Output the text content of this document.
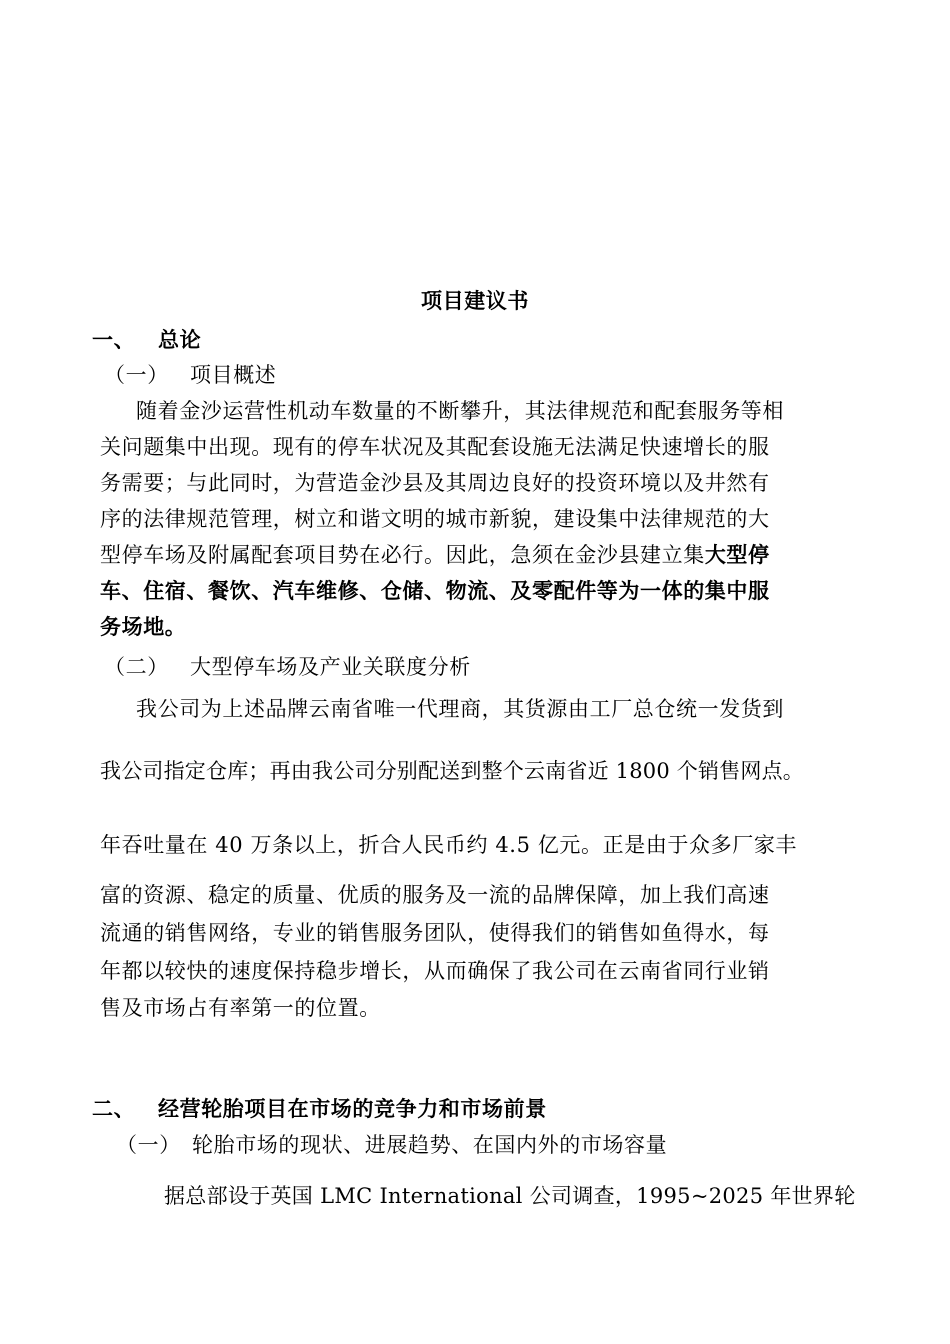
项目建议书
一、 总论
（一） 项目概述
随着金沙运营性机动车数量的不断攀升，其法律规范和配套服务等相
关问题集中出现。现有的停车状况及其配套设施无法满足快速增长的服
务需要；与此同时，为营造金沙县及其周边良好的投资环境以及井然有
序的法律规范管理，树立和谐文明的城市新貌，建设集中法律规范的大
型停车场及附属配套项目势在必行。因此，急须在金沙县建立集大型停
车、住宿、餐饮、汽车维修、仓储、物流、及零配件等为一体的集中服
务场地。
（二） 大型停车场及产业关联度分析
我公司为上述品牌云南省唯一代理商，其货源由工厂总仓统一发货到
我公司指定仓库；再由我公司分别配送到整个云南省近 1800 个销售网点。
年吞吐量在 40 万条以上，折合人民币约 4.5 亿元。正是由于众多厂家丰
富的资源、稳定的质量、优质的服务及一流的品牌保障，加上我们高速
流通的销售网络，专业的销售服务团队，使得我们的销售如鱼得水，每
年都以较快的速度保持稳步增长，从而确保了我公司在云南省同行业销
售及市场占有率第一的位置。
二、 经营轮胎项目在市场的竞争力和市场前景
（一） 轮胎市场的现状、进展趋势、在国内外的市场容量
据总部设于英国 LMC International 公司调查，1995~2025 年世界轮
